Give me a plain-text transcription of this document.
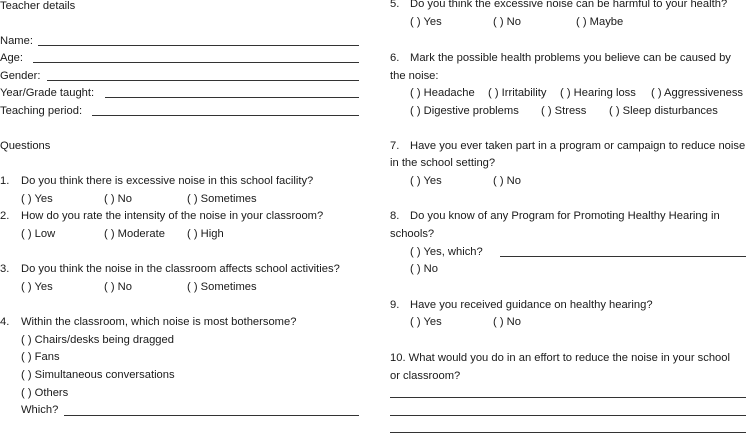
Teacher details
Name:
Age:
Gender:
Year/Grade taught:
Teaching period:
Questions
1. Do you think there is excessive noise in this school facility?
( ) Yes	( ) No	( ) Sometimes
2. How do you rate the intensity of the noise in your classroom?
( ) Low	( ) Moderate ( ) High
3. Do you think the noise in the classroom affects school activities?
( ) Yes	( ) No	( ) Sometimes
4. Within the classroom, which noise is most bothersome?
( ) Chairs/desks being dragged
( ) Fans
( ) Simultaneous conversations
( ) Others
Which?
5. Do you think the excessive noise can be harmful to your health?
( ) Yes	( ) No	( ) Maybe
6. Mark the possible health problems you believe can be caused by
the noise:
( ) Headache ( ) Irritability ( ) Hearing loss ( ) Aggressiveness
( ) Digestive problems ( ) Stress ( ) Sleep disturbances
7. Have you ever taken part in a program or campaign to reduce noise
in the school setting?
( ) Yes	( ) No
8. Do you know of any Program for Promoting Healthy Hearing in
schools?
( ) Yes, which?
( ) No
9. Have you received guidance on healthy hearing?
( ) Yes	( ) No
10. What would you do in an effort to reduce the noise in your school
or classroom?
